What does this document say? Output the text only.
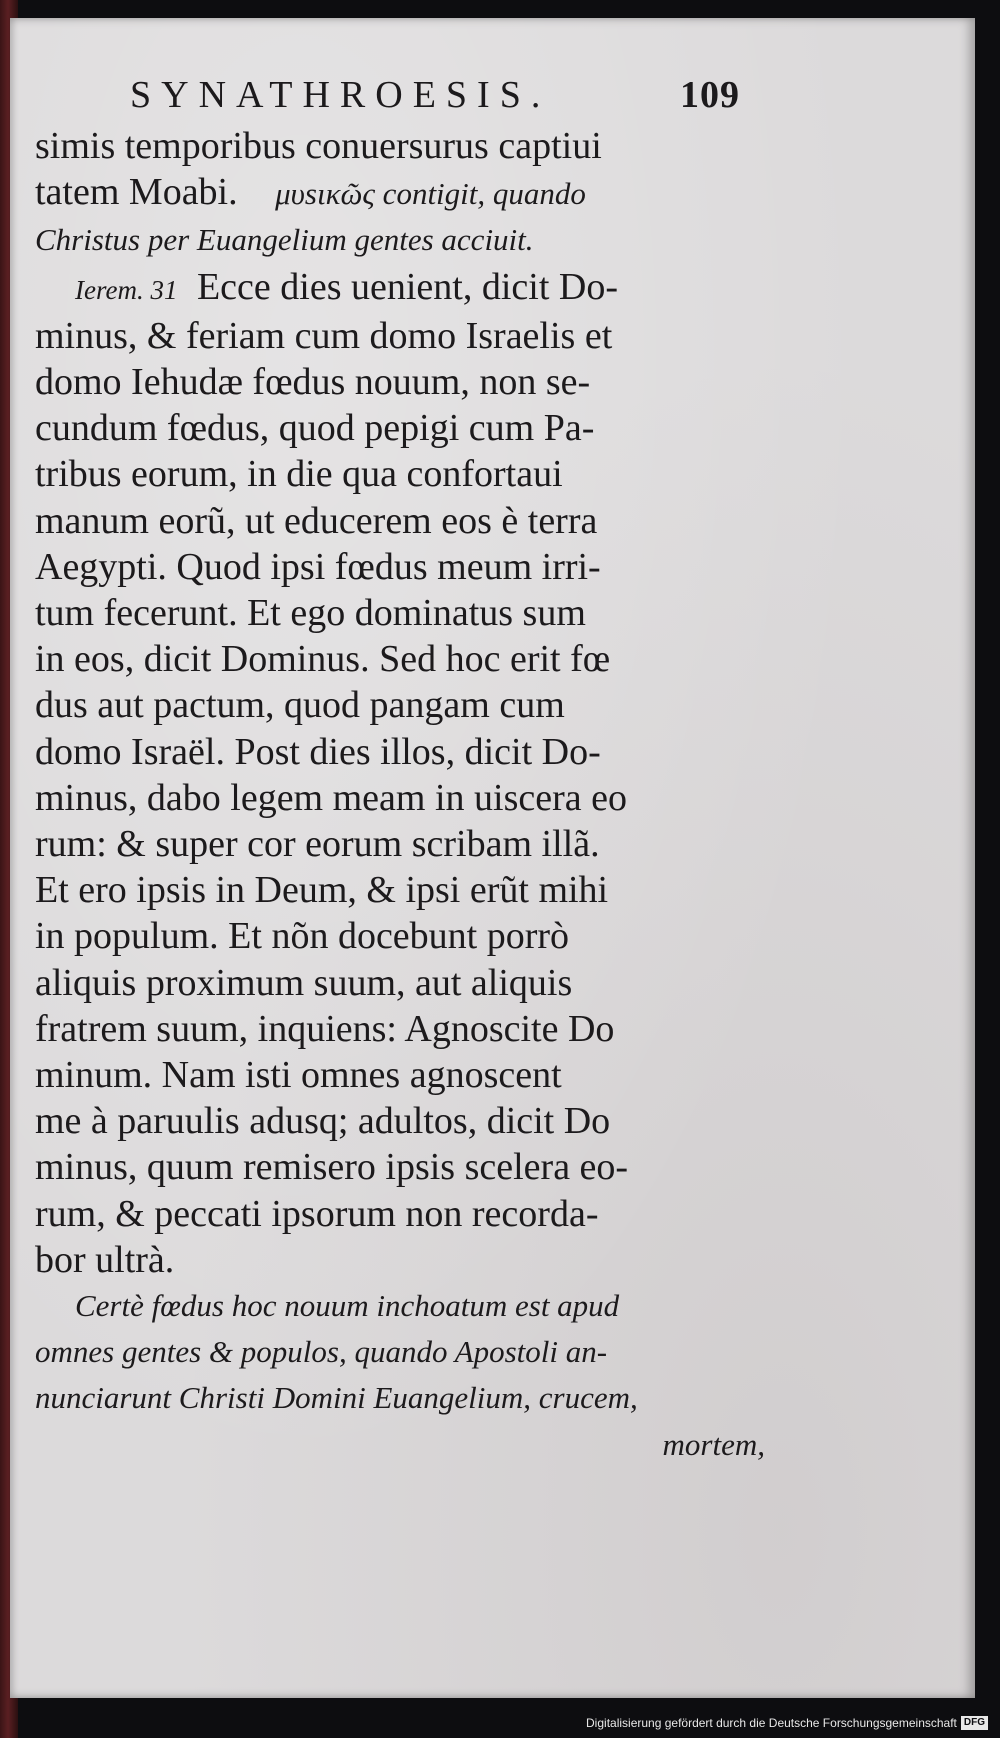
SYNATHROESIS.	109
simis temporibus conuersurus captiui
tatem Moabi. μυsικῶς contigit, quando
Christus per Euangelium gentes acciuit.
Ierem. 31 Ecce dies uenient, dicit Do-
minus, & feriam cum domo Israelis et
domo Iehudæ fœdus nouum, non se-
cundum fœdus, quod pepigi cum Pa-
tribus eorum, in die qua confortaui
manum eorũ, ut educerem eos è terra
Aegypti. Quod ipsi fœdus meum irri-
tum fecerunt. Et ego dominatus sum
in eos, dicit Dominus. Sed hoc erit fœ
dus aut pactum, quod pangam cum
domo Israël. Post dies illos, dicit Do-
minus, dabo legem meam in uiscera eo
rum: & super cor eorum scribam illã.
Et ero ipsis in Deum, & ipsi erũt mihi
in populum. Et nõn docebunt porrò
aliquis proximum suum, aut aliquis
fratrem suum, inquiens: Agnoscite Do
minum. Nam isti omnes agnoscent
me à paruulis adusq; adultos, dicit Do
minus, quum remisero ipsis scelera eo-
rum, & peccati ipsorum non recorda-
bor ultrà.
Certè fœdus hoc nouum inchoatum est apud
omnes gentes & populos, quando Apostoli an-
nunciarunt Christi Domini Euangelium, crucem,
mortem,
Digitalisierung gefördert durch die Deutsche Forschungsgemeinschaft DFG
